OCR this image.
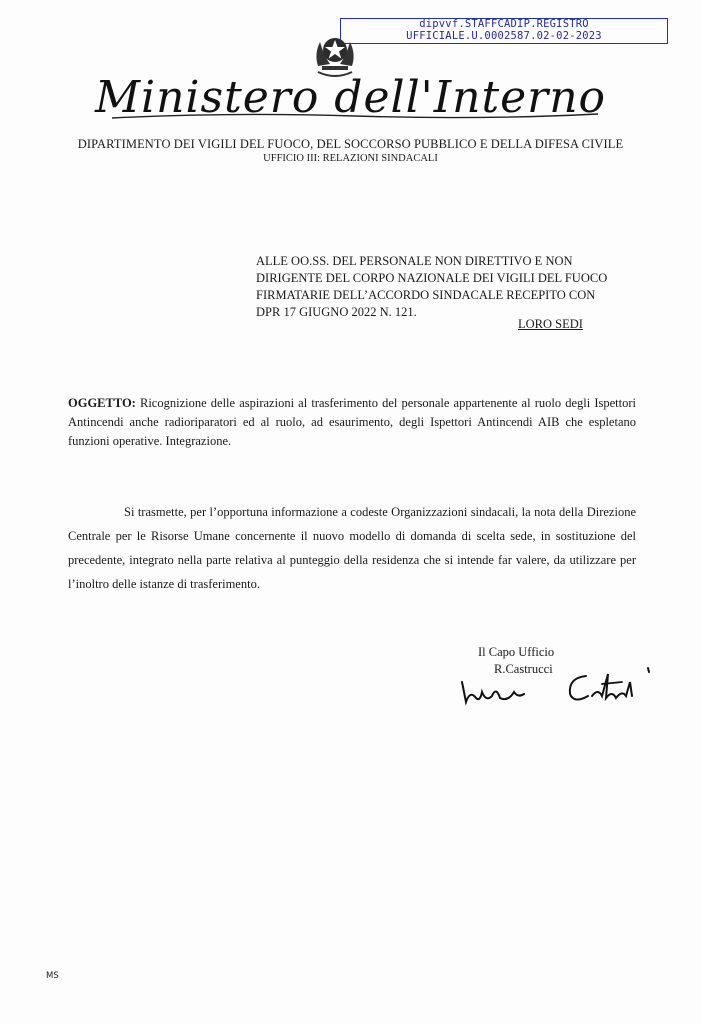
dipvvf.STAFFCADIP.REGISTRO
UFFICIALE.U.0002587.02-02-2023
Ministero dell'Interno
DIPARTIMENTO DEI VIGILI DEL FUOCO, DEL SOCCORSO PUBBLICO E DELLA DIFESA CIVILE
UFFICIO III: RELAZIONI SINDACALI
ALLE OO.SS. DEL PERSONALE NON DIRETTIVO E NON
DIRIGENTE DEL CORPO NAZIONALE DEI VIGILI DEL FUOCO
FIRMATARIE DELL’ACCORDO SINDACALE RECEPITO CON
DPR 17 GIUGNO 2022 N. 121.
LORO SEDI
OGGETTO: Ricognizione delle aspirazioni al trasferimento del personale appartenente al ruolo degli Ispettori Antincendi anche radioriparatori ed al ruolo, ad esaurimento, degli Ispettori Antincendi AIB che espletano funzioni operative. Integrazione.
Si trasmette, per l’opportuna informazione a codeste Organizzazioni sindacali, la nota della Direzione Centrale per le Risorse Umane concernente il nuovo modello di domanda di scelta sede, in sostituzione del precedente, integrato nella parte relativa al punteggio della residenza che si intende far valere, da utilizzare per l’inoltro delle istanze di trasferimento.
Il Capo Ufficio
R.Castrucci
MS
